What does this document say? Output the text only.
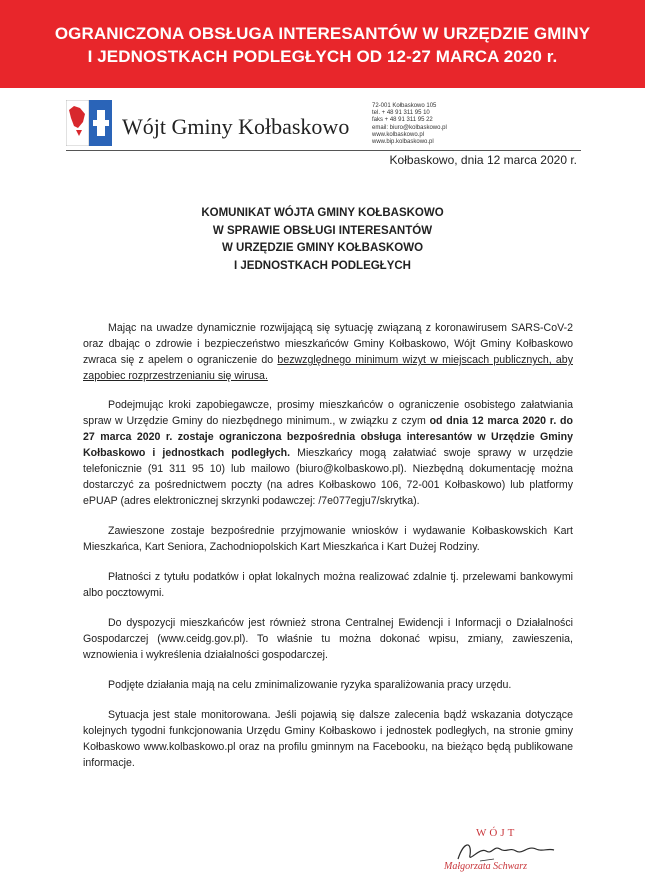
OGRANICZONA OBSŁUGA INTERESANTÓW W URZĘDZIE GMINY
I JEDNOSTKACH PODLEGŁYCH OD 12-27 MARCA 2020 r.
Wójt Gminy Kołbaskowo
72-001 Kołbaskowo 105
tel. + 48 91 311 95 10
faks + 48 91 311 95 22
email: biuro@kolbaskowo.pl
www.kolbaskowo.pl
www.bip.kolbaskowo.pl
Kołbaskowo, dnia 12 marca 2020 r.
KOMUNIKAT WÓJTA GMINY KOŁBASKOWO
W SPRAWIE OBSŁUGI INTERESANTÓW
W URZĘDZIE GMINY KOŁBASKOWO
I JEDNOSTKACH PODLEGŁYCH

Mając na uwadze dynamicznie rozwijającą się sytuację związaną z koronawirusem SARS-CoV-2 oraz dbając o zdrowie i bezpieczeństwo mieszkańców Gminy Kołbaskowo, Wójt Gminy Kołbaskowo zwraca się z apelem o ograniczenie do bezwzględnego minimum wizyt w miejscach publicznych, aby zapobiec rozprzestrzenianiu się wirusa.

Podejmując kroki zapobiegawcze, prosimy mieszkańców o ograniczenie osobistego załatwiania spraw w Urzędzie Gminy do niezbędnego minimum., w związku z czym od dnia 12 marca 2020 r. do 27 marca 2020 r. zostaje ograniczona bezpośrednia obsługa interesantów w Urzędzie Gminy Kołbaskowo i jednostkach podległych. Mieszkańcy mogą załatwiać swoje sprawy w urzędzie telefonicznie (91 311 95 10) lub mailowo (biuro@kolbaskowo.pl). Niezbędną dokumentację można dostarczyć za pośrednictwem poczty (na adres Kołbaskowo 106, 72-001 Kołbaskowo) lub platformy ePUAP (adres elektronicznej skrzynki podawczej: /7e077egju7/skrytka).

Zawieszone zostaje bezpośrednie przyjmowanie wniosków i wydawanie Kołbaskowskich Kart Mieszkańca, Kart Seniora, Zachodniopolskich Kart Mieszkańca i Kart Dużej Rodziny.

Płatności z tytułu podatków i opłat lokalnych można realizować zdalnie tj. przelewami bankowymi albo pocztowymi.

Do dyspozycji mieszkańców jest również strona Centralnej Ewidencji i Informacji o Działalności Gospodarczej (www.ceidg.gov.pl). To właśnie tu można dokonać wpisu, zmiany, zawieszenia, wznowienia i wykreślenia działalności gospodarczej.

Podjęte działania mają na celu zminimalizowanie ryzyka sparaliżowania pracy urzędu.

Sytuacja jest stale monitorowana. Jeśli pojawią się dalsze zalecenia bądź wskazania dotyczące kolejnych tygodni funkcjonowania Urzędu Gminy Kołbaskowo i jednostek podległych, na stronie gminy Kołbaskowo www.kolbaskowo.pl oraz na profilu gminnym na Facebooku, na bieżąco będą publikowane informacje.

WÓJT
Małgorzata Schwarz
